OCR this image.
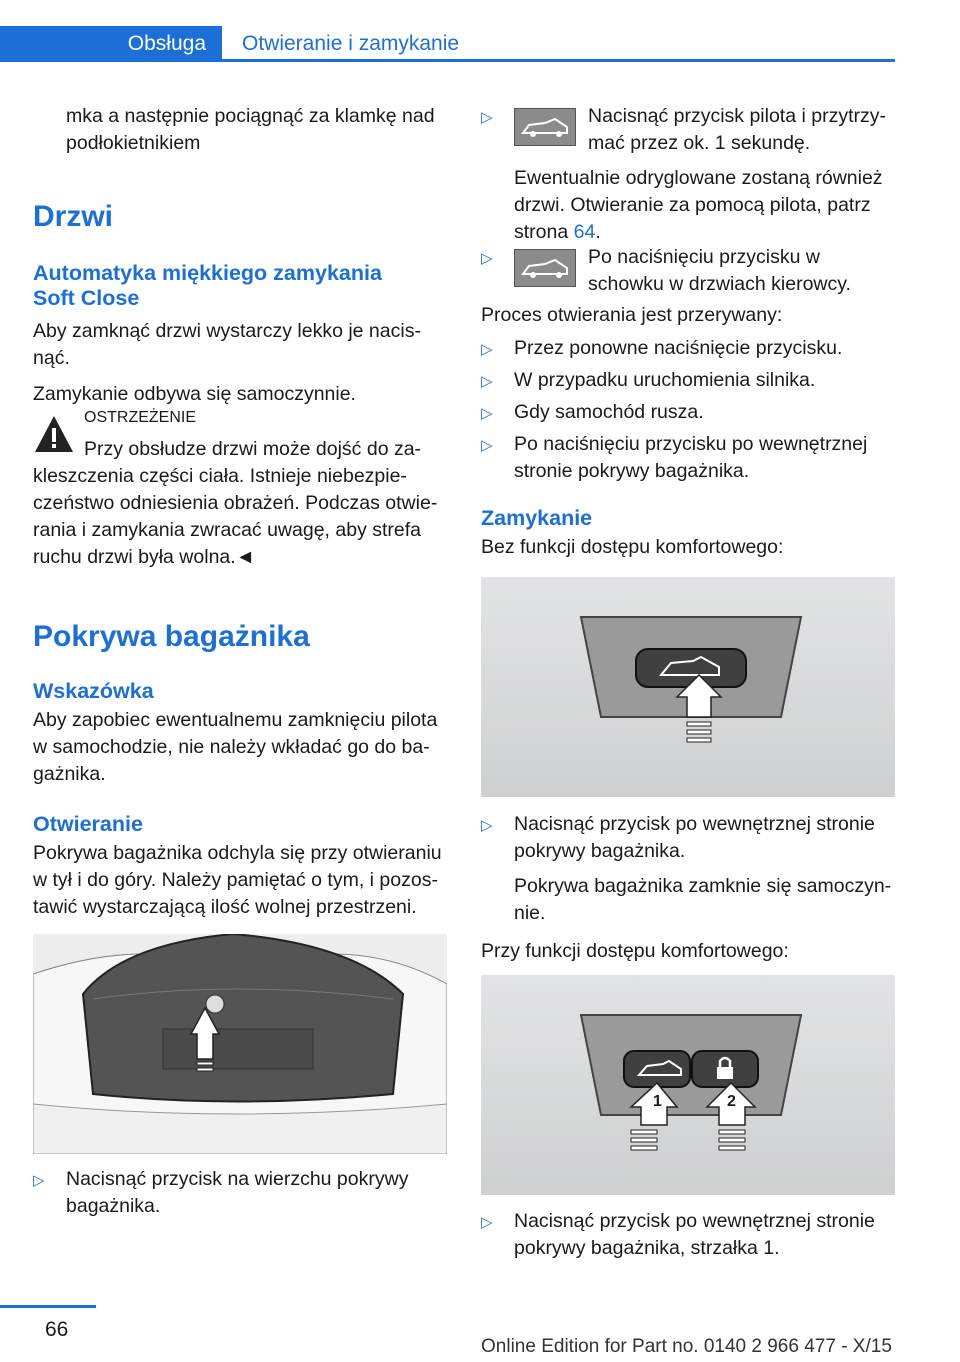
Obsługa Otwieranie i zamykanie

mka a następnie pociągnąć za klamkę nad

podłokietnikiem

Drzwi
Automatyka miękkiego zamykania
Soft Close

Aby zamknąć drzwi wystarczy lekko je nacis-

nąć.

Zamykanie odbywa się samoczynnie.

OSTRZEŻENIE

Przy obsłudze drzwi może dojść do za-

kleszczenia części ciała. Istnieje niebezpie-

czeństwo odniesienia obrażeń. Podczas otwie-

rania i zamykania zwracać uwagę, aby strefa

ruchu drzwi była wolna.◄

Pokrywa bagażnika
Wskazówka

Aby zapobiec ewentualnemu zamknięciu pilota

w samochodzie, nie należy wkładać go do ba-

gażnika.

Otwieranie

Pokrywa bagażnika odchyla się przy otwieraniu

w tył i do góry. Należy pamiętać o tym, i pozos-

tawić wystarczającą ilość wolnej przestrzeni.

▷	Nacisnąć przycisk na wierzchu pokrywy

bagażnika.

▷	Nacisnąć przycisk pilota i przytrzy-

mać przez ok. 1 sekundę.

Ewentualnie odryglowane zostaną również

drzwi. Otwieranie za pomocą pilota, patrz

strona 64.

▷	Po naciśnięciu przycisku w

schowku w drzwiach kierowcy.

Proces otwierania jest przerywany:

▷	Przez ponowne naciśnięcie przycisku.

▷	W przypadku uruchomienia silnika.

▷	Gdy samochód rusza.

▷	Po naciśnięciu przycisku po wewnętrznej

stronie pokrywy bagażnika.

Zamykanie

Bez funkcji dostępu komfortowego:

▷	Nacisnąć przycisk po wewnętrznej stronie

pokrywy bagażnika.

Pokrywa bagażnika zamknie się samoczyn-

nie.

Przy funkcji dostępu komfortowego:

1	2
▷	Nacisnąć przycisk po wewnętrznej stronie

pokrywy bagażnika, strzałka 1.

66
Online Edition for Part no. 0140 2 966 477 - X/15
